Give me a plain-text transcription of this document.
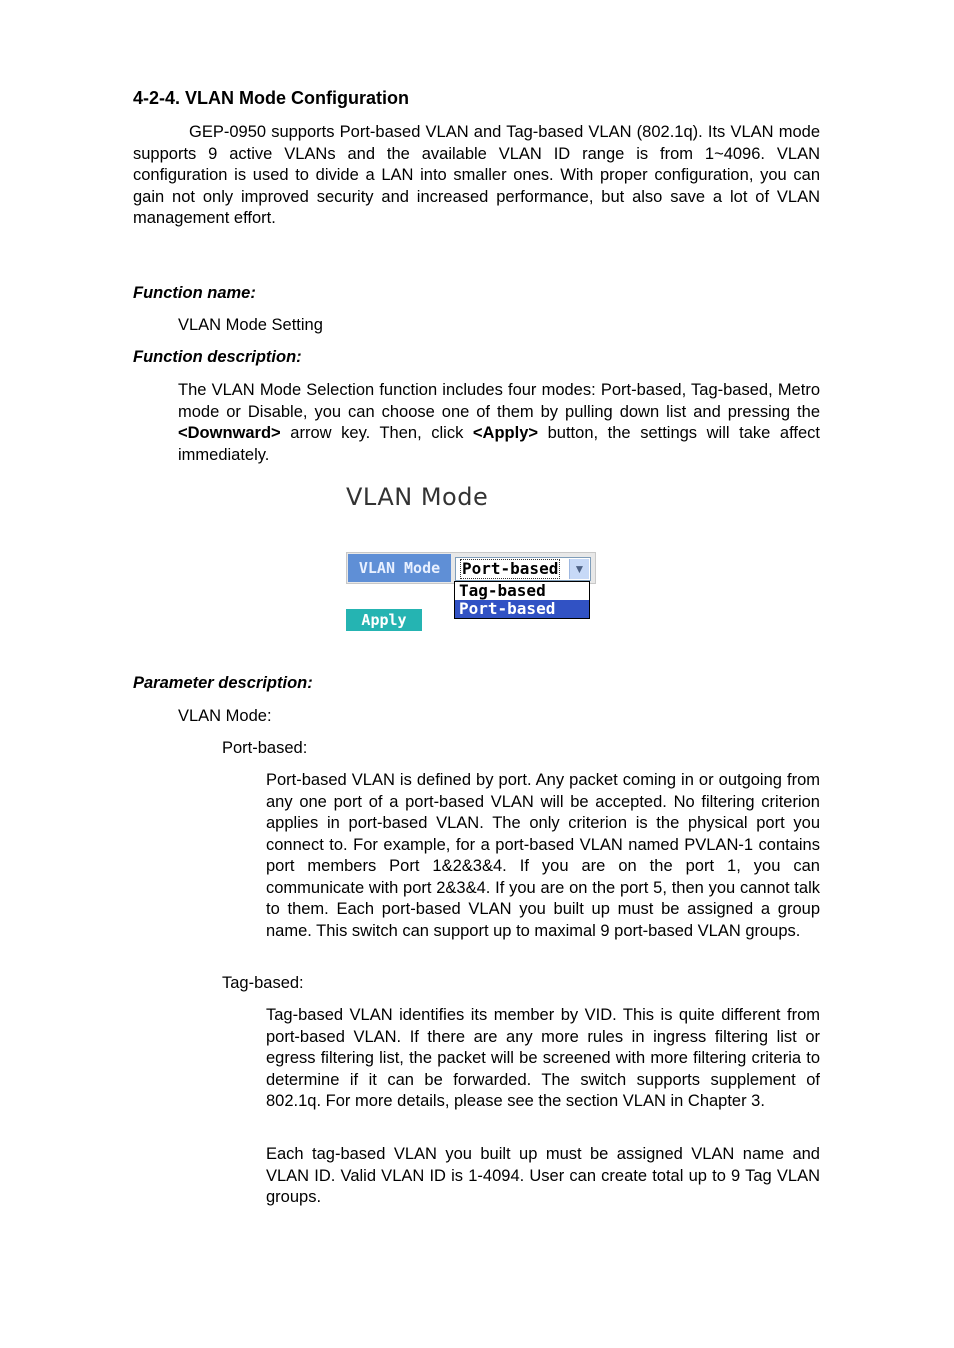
4-2-4. VLAN Mode Configuration

GEP-0950 supports Port-based VLAN and Tag-based VLAN (802.1q). Its VLAN mode supports 9 active VLANs and the available VLAN ID range is from 1~4096. VLAN configuration is used to divide a LAN into smaller ones. With proper configuration, you can gain not only improved security and increased performance, but also save a lot of VLAN management effort.

Function name:

VLAN Mode Setting

Function description:

The VLAN Mode Selection function includes four modes: Port-based, Tag-based, Metro mode or Disable, you can choose one of them by pulling down list and pressing the <Downward> arrow key. Then, click <Apply> button, the settings will take affect immediately.

VLAN Mode
VLAN Mode	Port-based	▼
Tag-based
Port-based
Apply

Parameter description:

VLAN Mode:

Port-based:

Port-based VLAN is defined by port. Any packet coming in or outgoing from any one port of a port-based VLAN will be accepted. No filtering criterion applies in port-based VLAN. The only criterion is the physical port you connect to. For example, for a port-based VLAN named PVLAN-1 contains port members Port 1&2&3&4. If you are on the port 1, you can communicate with port 2&3&4. If you are on the port 5, then you cannot talk to them. Each port-based VLAN you built up must be assigned a group name. This switch can support up to maximal 9 port-based VLAN groups.

Tag-based:

Tag-based VLAN identifies its member by VID. This is quite different from port-based VLAN. If there are any more rules in ingress filtering list or egress filtering list, the packet will be screened with more filtering criteria to determine if it can be forwarded. The switch supports supplement of 802.1q. For more details, please see the section VLAN in Chapter 3.

Each tag-based VLAN you built up must be assigned VLAN name and VLAN ID. Valid VLAN ID is 1-4094. User can create total up to 9 Tag VLAN groups.
